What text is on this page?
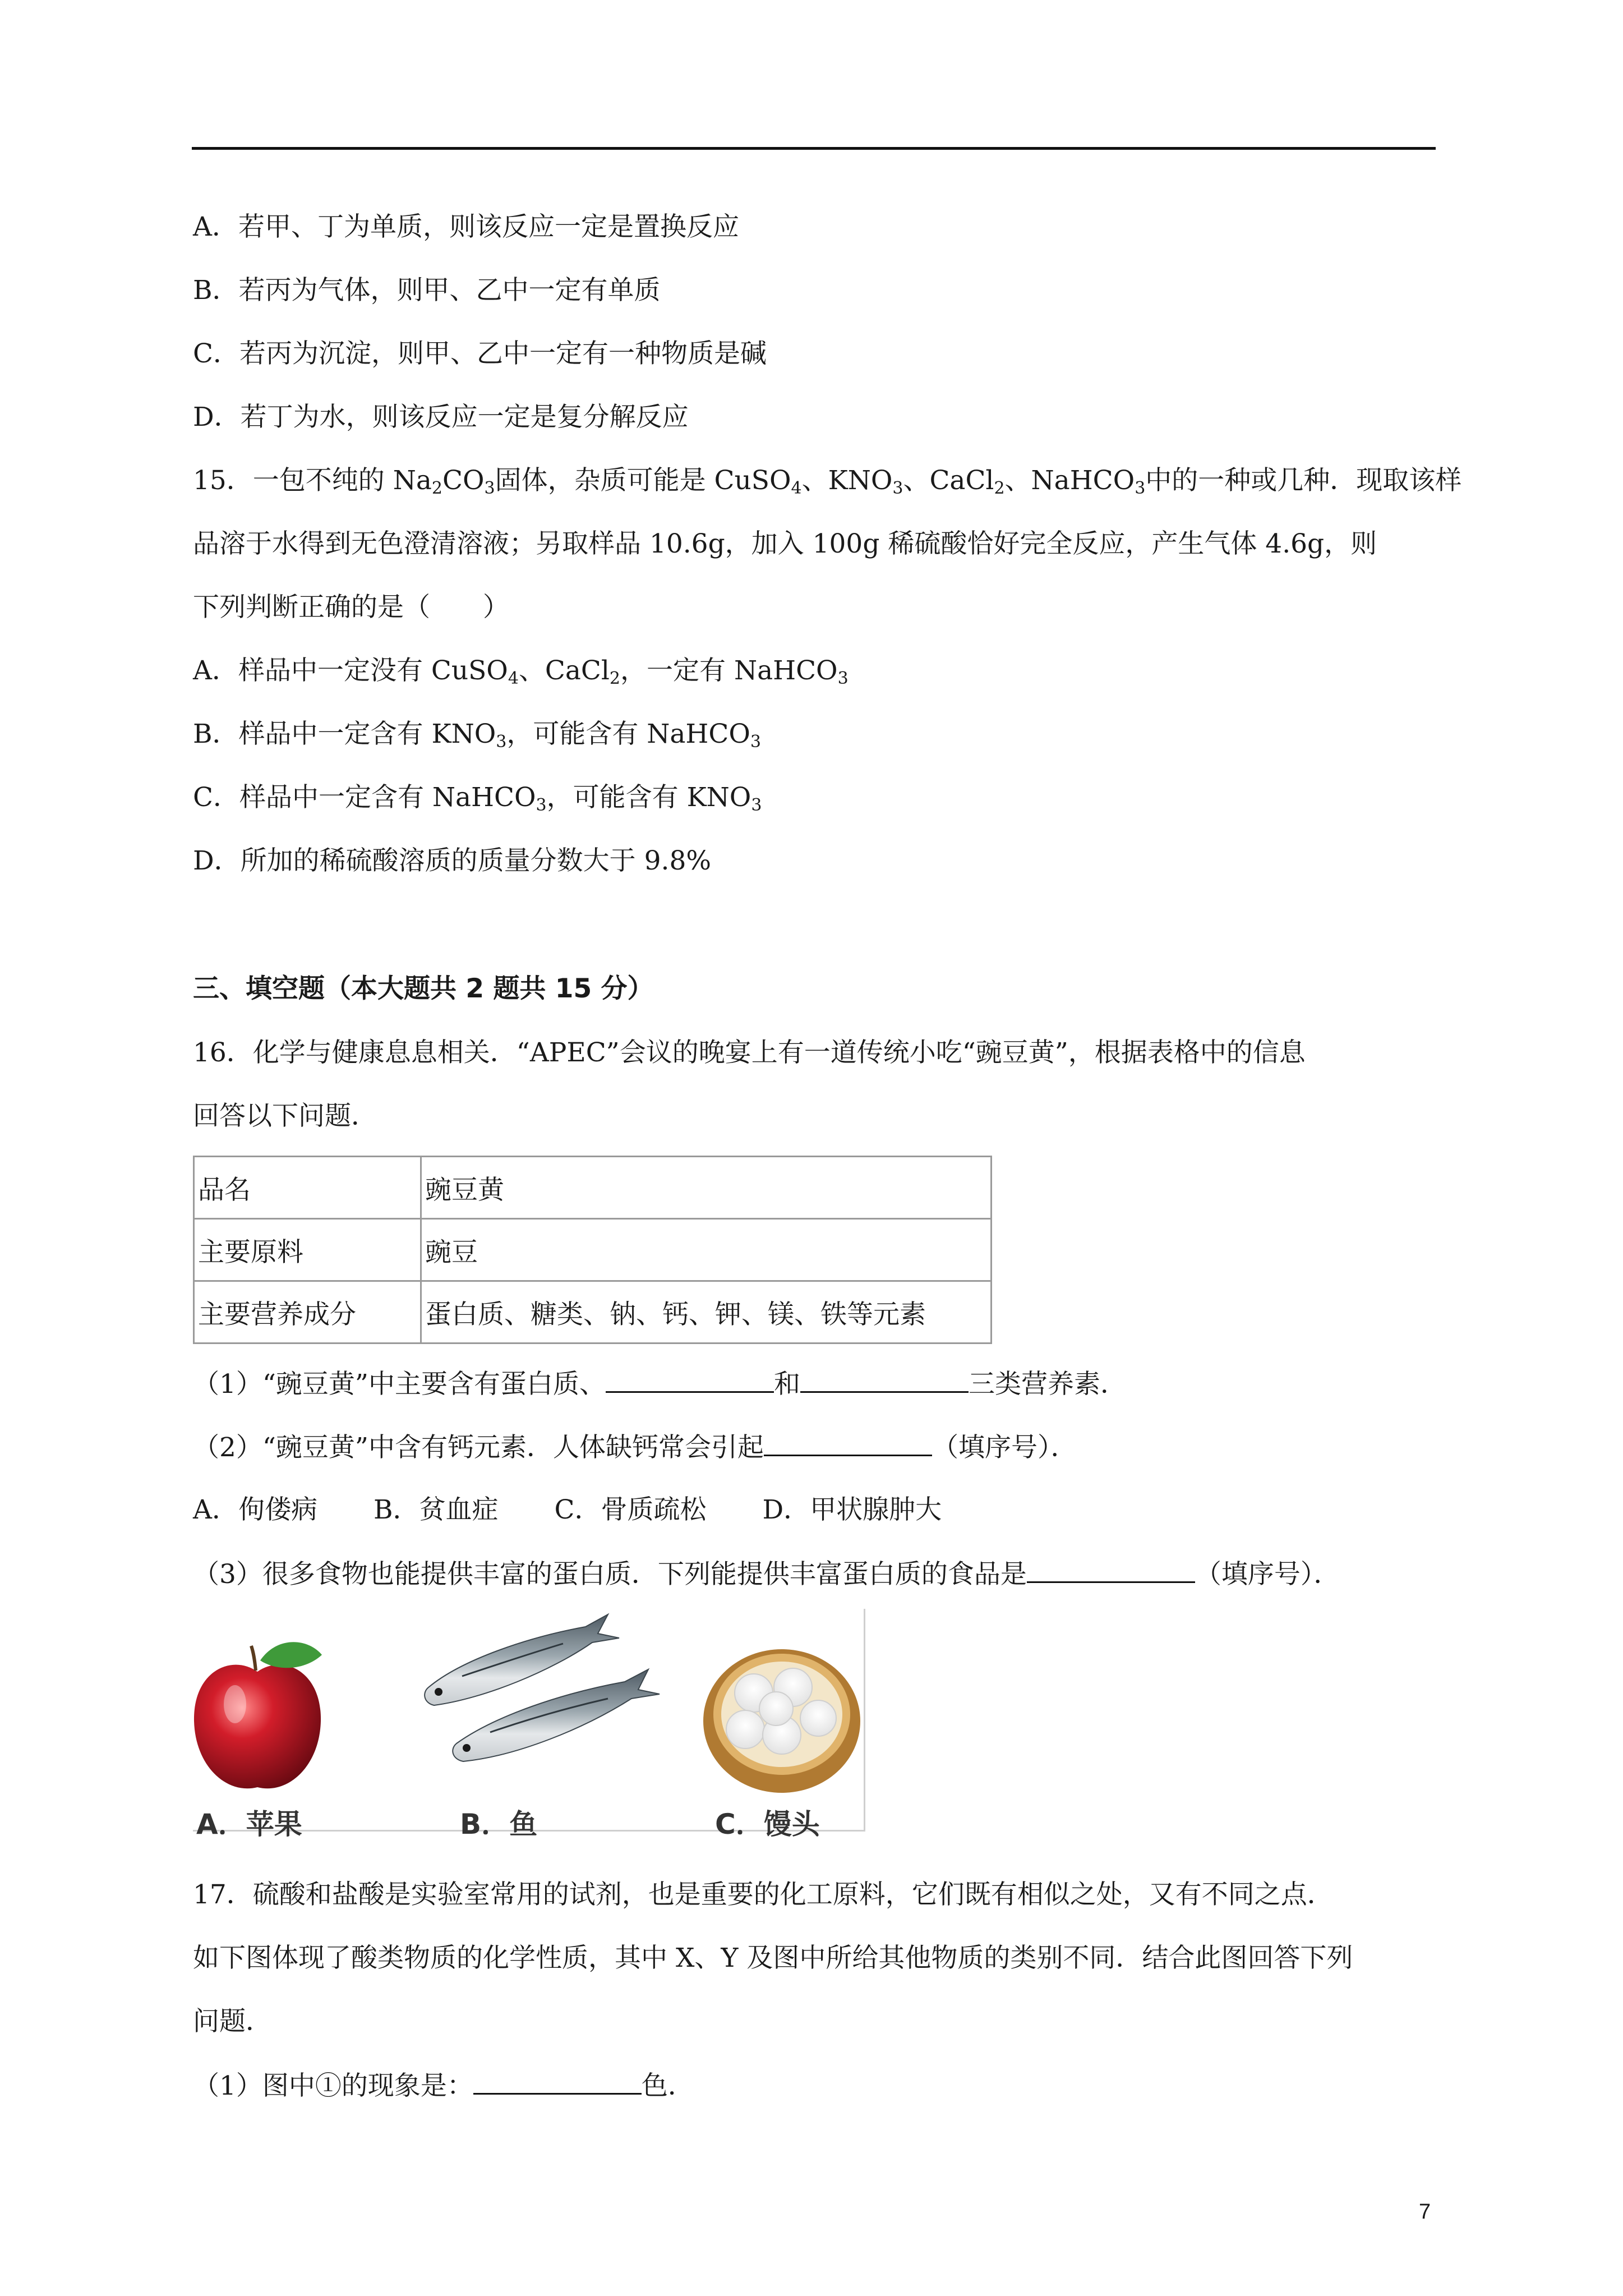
A．若甲、丁为单质，则该反应一定是置换反应
B．若丙为气体，则甲、乙中一定有单质
C．若丙为沉淀，则甲、乙中一定有一种物质是碱
D．若丁为水，则该反应一定是复分解反应
15．一包不纯的 $Na_2CO_3$固体，杂质可能是 CuSO$_4$、$KNO_3$、CaCl$_2$、NaHCO$_3$中的一种或几种．现取该样
品溶于水得到无色澄清溶液；另取样品 10.6g，加入 100g 稀硫酸恰好完全反应，产生气体 4.6g，则
下列判断正确的是（　　）
A．样品中一定没有 CuSO$_4$、CaCl$_2$，一定有 NaHCO$_3$
B．样品中一定含有 $KNO_3$，可能含有 NaHCO$_3$
C．样品中一定含有 NaHCO$_3$，可能含有 $KNO_3$
D．所加的稀硫酸溶质的质量分数大于 9.8%
三、填空题（本大题共 2 题共 15 分）
16．化学与健康息息相关．“APEC”会议的晚宴上有一道传统小吃“豌豆黄”，根据表格中的信息
回答以下问题．
品名	豌豆黄
主要原料	豌豆
主要营养成分	蛋白质、糖类、钠、钙、钾、镁、铁等元素
（1）“豌豆黄”中主要含有蛋白质、	和	三类营养素．
（2）“豌豆黄”中含有钙元素．人体缺钙常会引起	（填序号）．
A．佝偻病 B．贫血症 C．骨质疏松 D．甲状腺肿大
（3）很多食物也能提供丰富的蛋白质．下列能提供丰富蛋白质的食品是	（填序号）．
A．苹果	B．鱼	C．馒头
17．硫酸和盐酸是实验室常用的试剂，也是重要的化工原料，它们既有相似之处，又有不同之点．
如下图体现了酸类物质的化学性质，其中 X、Y 及图中所给其他物质的类别不同．结合此图回答下列
问题．
（1）图中①的现象是：	色．
7
